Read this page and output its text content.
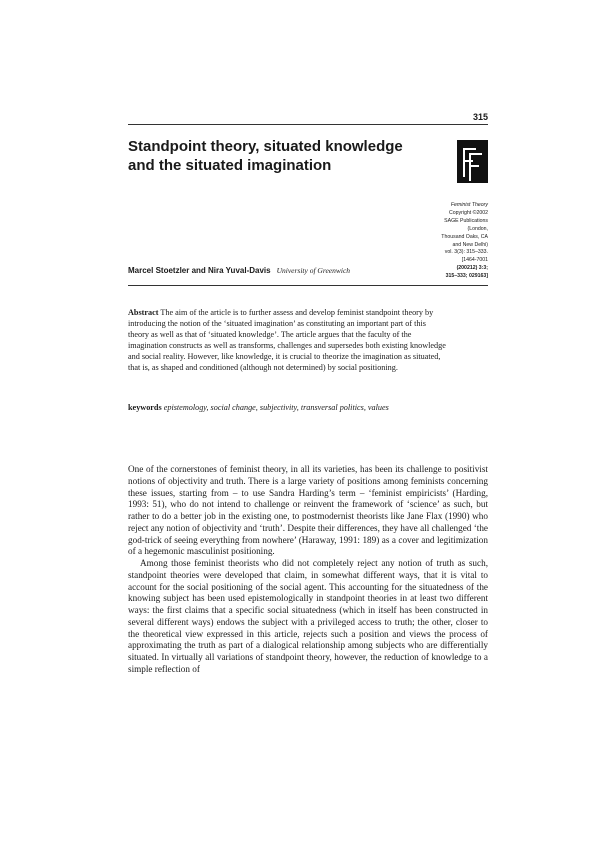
315
Standpoint theory, situated knowledge and the situated imagination
Feminist Theory
Copyright ©2002
SAGE Publications
(London,
Thousand Oaks, CA
and New Delhi)
vol. 3(3): 315–333.
[1464-7001
(200212) 3:3;
315–333; 029163]
Marcel Stoetzler and Nira Yuval-Davis University of Greenwich

Abstract The aim of the article is to further assess and develop feminist standpoint theory by introducing the notion of the ‘situated imagination’ as constituting an important part of this theory as well as that of ‘situated knowledge’. The article argues that the faculty of the imagination constructs as well as transforms, challenges and supersedes both existing knowledge and social reality. However, like knowledge, it is crucial to theorize the imagination as situated, that is, as shaped and conditioned (although not determined) by social positioning.

keywords epistemology, social change, subjectivity, transversal politics, values

One of the cornerstones of feminist theory, in all its varieties, has been its challenge to positivist notions of objectivity and truth. There is a large variety of positions among feminists concerning these issues, starting from – to use Sandra Harding’s term – ‘feminist empiricists’ (Harding, 1993: 51), who do not intend to challenge or reinvent the framework of ‘science’ as such, but rather to do a better job in the existing one, to postmodernist theorists like Jane Flax (1990) who reject any notion of objectivity and ‘truth’. Despite their differences, they have all challenged ‘the god-trick of seeing everything from nowhere’ (Haraway, 1991: 189) as a cover and legitimization of a hegemonic masculinist positioning.

Among those feminist theorists who did not completely reject any notion of truth as such, standpoint theories were developed that claim, in somewhat different ways, that it is vital to account for the social positioning of the social agent. This accounting for the situatedness of the knowing subject has been used epistemologically in standpoint theories in at least two different ways: the first claims that a specific social situatedness (which in itself has been constructed in several different ways) endows the subject with a privileged access to truth; the other, closer to the theoretical view expressed in this article, rejects such a position and views the process of approximating the truth as part of a dialogical relationship among subjects who are differentially situated. In virtually all variations of standpoint theory, however, the reduction of knowledge to a simple reflection of
